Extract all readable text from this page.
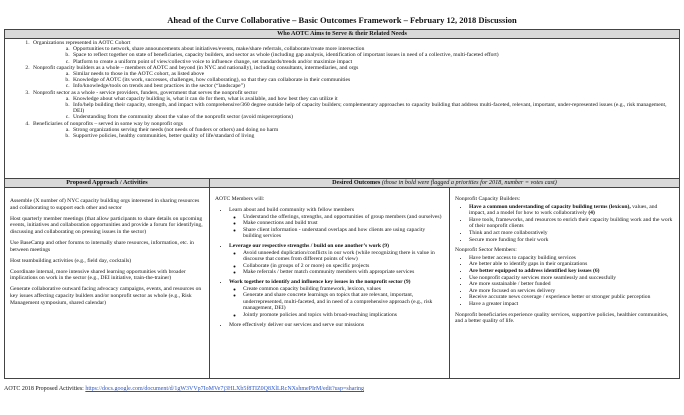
Ahead of the Curve Collaborative – Basic Outcomes Framework – February 12, 2018 Discussion
Who AOTC Aims to Serve & their Related Needs
1. Organizations represented in AOTC Cohort
a. Opportunities to network, share announcements about initiatives/events, make/share referrals, collaborate/create more intersection
b. Space to reflect together on state of beneficiaries, capacity builders, and sector as whole (including gap analysis, identification of important issues in need of a collective, multi-faceted effort)
c. Platform to create a uniform point of view/collective voice to influence change, set standards/trends and/or maximize impact
2. Nonprofit capacity builders as a whole – members of AOTC and beyond (in NYC and nationally), including consultants, intermediaries, and orgs
a. Similar needs to those in the AOTC cohort, as listed above
b. Knowledge of AOTC (its work, successes, challenges, how collaborating), so that they can collaborate in their communities
c. Info/knowledge/tools on trends and best practices in the sector (“landscape”)
3. Nonprofit sector as a whole - service providers, funders, government that serves the nonprofit sector
a. Knowledge about what capacity building is, what it can do for them, what is available, and how best they can utilize it
b. Info/help building their capacity, strength, and impact with comprehensive/360 degree outside help of capacity builders; complementary approaches to capacity building that address multi-faceted, relevant, important, under-represented issues (e.g., risk management, DEI)
c. Understanding from the community about the value of the nonprofit sector (avoid misperceptions)
4. Beneficiaries of nonprofits – served in some way by nonprofit orgs
a. Strong organizations serving their needs (not needs of funders or others) and doing no harm
b. Supportive policies, healthy communities, better quality of life/standard of living
Proposed Approach / Activities	Desired Outcomes (those in bold were flagged a priorities for 2018, number = votes cast)

Assemble (X number of) NYC capacity building orgs interested in sharing resources and collaborating to support each other and sector

Host quarterly member meetings (that allow participants to share details on upcoming events, initiatives and collaboration opportunities and provide a forum for identifying, discussing and collaborating on pressing issues in the sector)

Use BaseCamp and other forums to internally share resources, information, etc. in between meetings

Host teambuilding activities (e.g., field day, cocktails)

Coordinate internal, more intensive shared learning opportunities with broader implications on work in the sector (e.g., DEI initiative, train-the-trainer)

Generate collaborative outward facing advocacy campaigns, events, and resources on key issues affecting capacity builders and/or nonprofit sector as whole (e.g., Risk Management symposium, shared calendar)

AOTC Members will:

• Learn about and build community with fellow members
◦ Understand the offerings, strengths, and opportunities of group members (and ourselves)
◦ Make connections and build trust
◦ Share client information - understand overlaps and how clients are using capacity building services
• Leverage our respective strengths / build on one another’s work (9)
◦ Avoid unneeded duplication/conflicts in our work (while recognizing there is value in discourse that comes from different points of view)
◦ Collaborate (in groups of 2 or more) on specific projects
◦ Make referrals / better match community members with appropriate services
• Work together to identify and influence key issues in the nonprofit sector (9)
◦ Create common capacity building framework, lexicon, values
◦ Generate and share concrete learnings on topics that are relevant, important, underrepresented, multi-faceted, and in need of a comprehensive approach (e.g., risk management, DEI)
◦ Jointly promote policies and topics with broad-reaching implications
• More effectively deliver our services and serve our missions

Nonprofit Capacity Builders:

• Have a common understanding of capacity building terms (lexicon), values, and impact, and a model for how to work collaboratively (4)
• Have tools, frameworks, and resources to enrich their capacity building work and the work of their nonprofit clients
• Think and act more collaboratively
• Secure more funding for their work

Nonprofit Sector Members:

• Have better access to capacity building services
• Are better able to identify gaps in their organizations
• Are better equipped to address identified key issues (6)
• Use nonprofit capacity services more seamlessly and successfully
• Are more sustainable / better funded
• Are more focused on services delivery
• Receive accurate news coverage / experience better or stronger public perception
• Have a greater impact

Nonprofit beneficiaries experience quality services, supportive policies, healthier communities, and a better quality of life.

AOTC 2018 Proposed Activities: https://docs.google.com/document/d/1gW3VVp7IoMVe7j3HLXb5f8TIZ0Q8XlLRcNXshmePIrM/edit?usp=sharing
